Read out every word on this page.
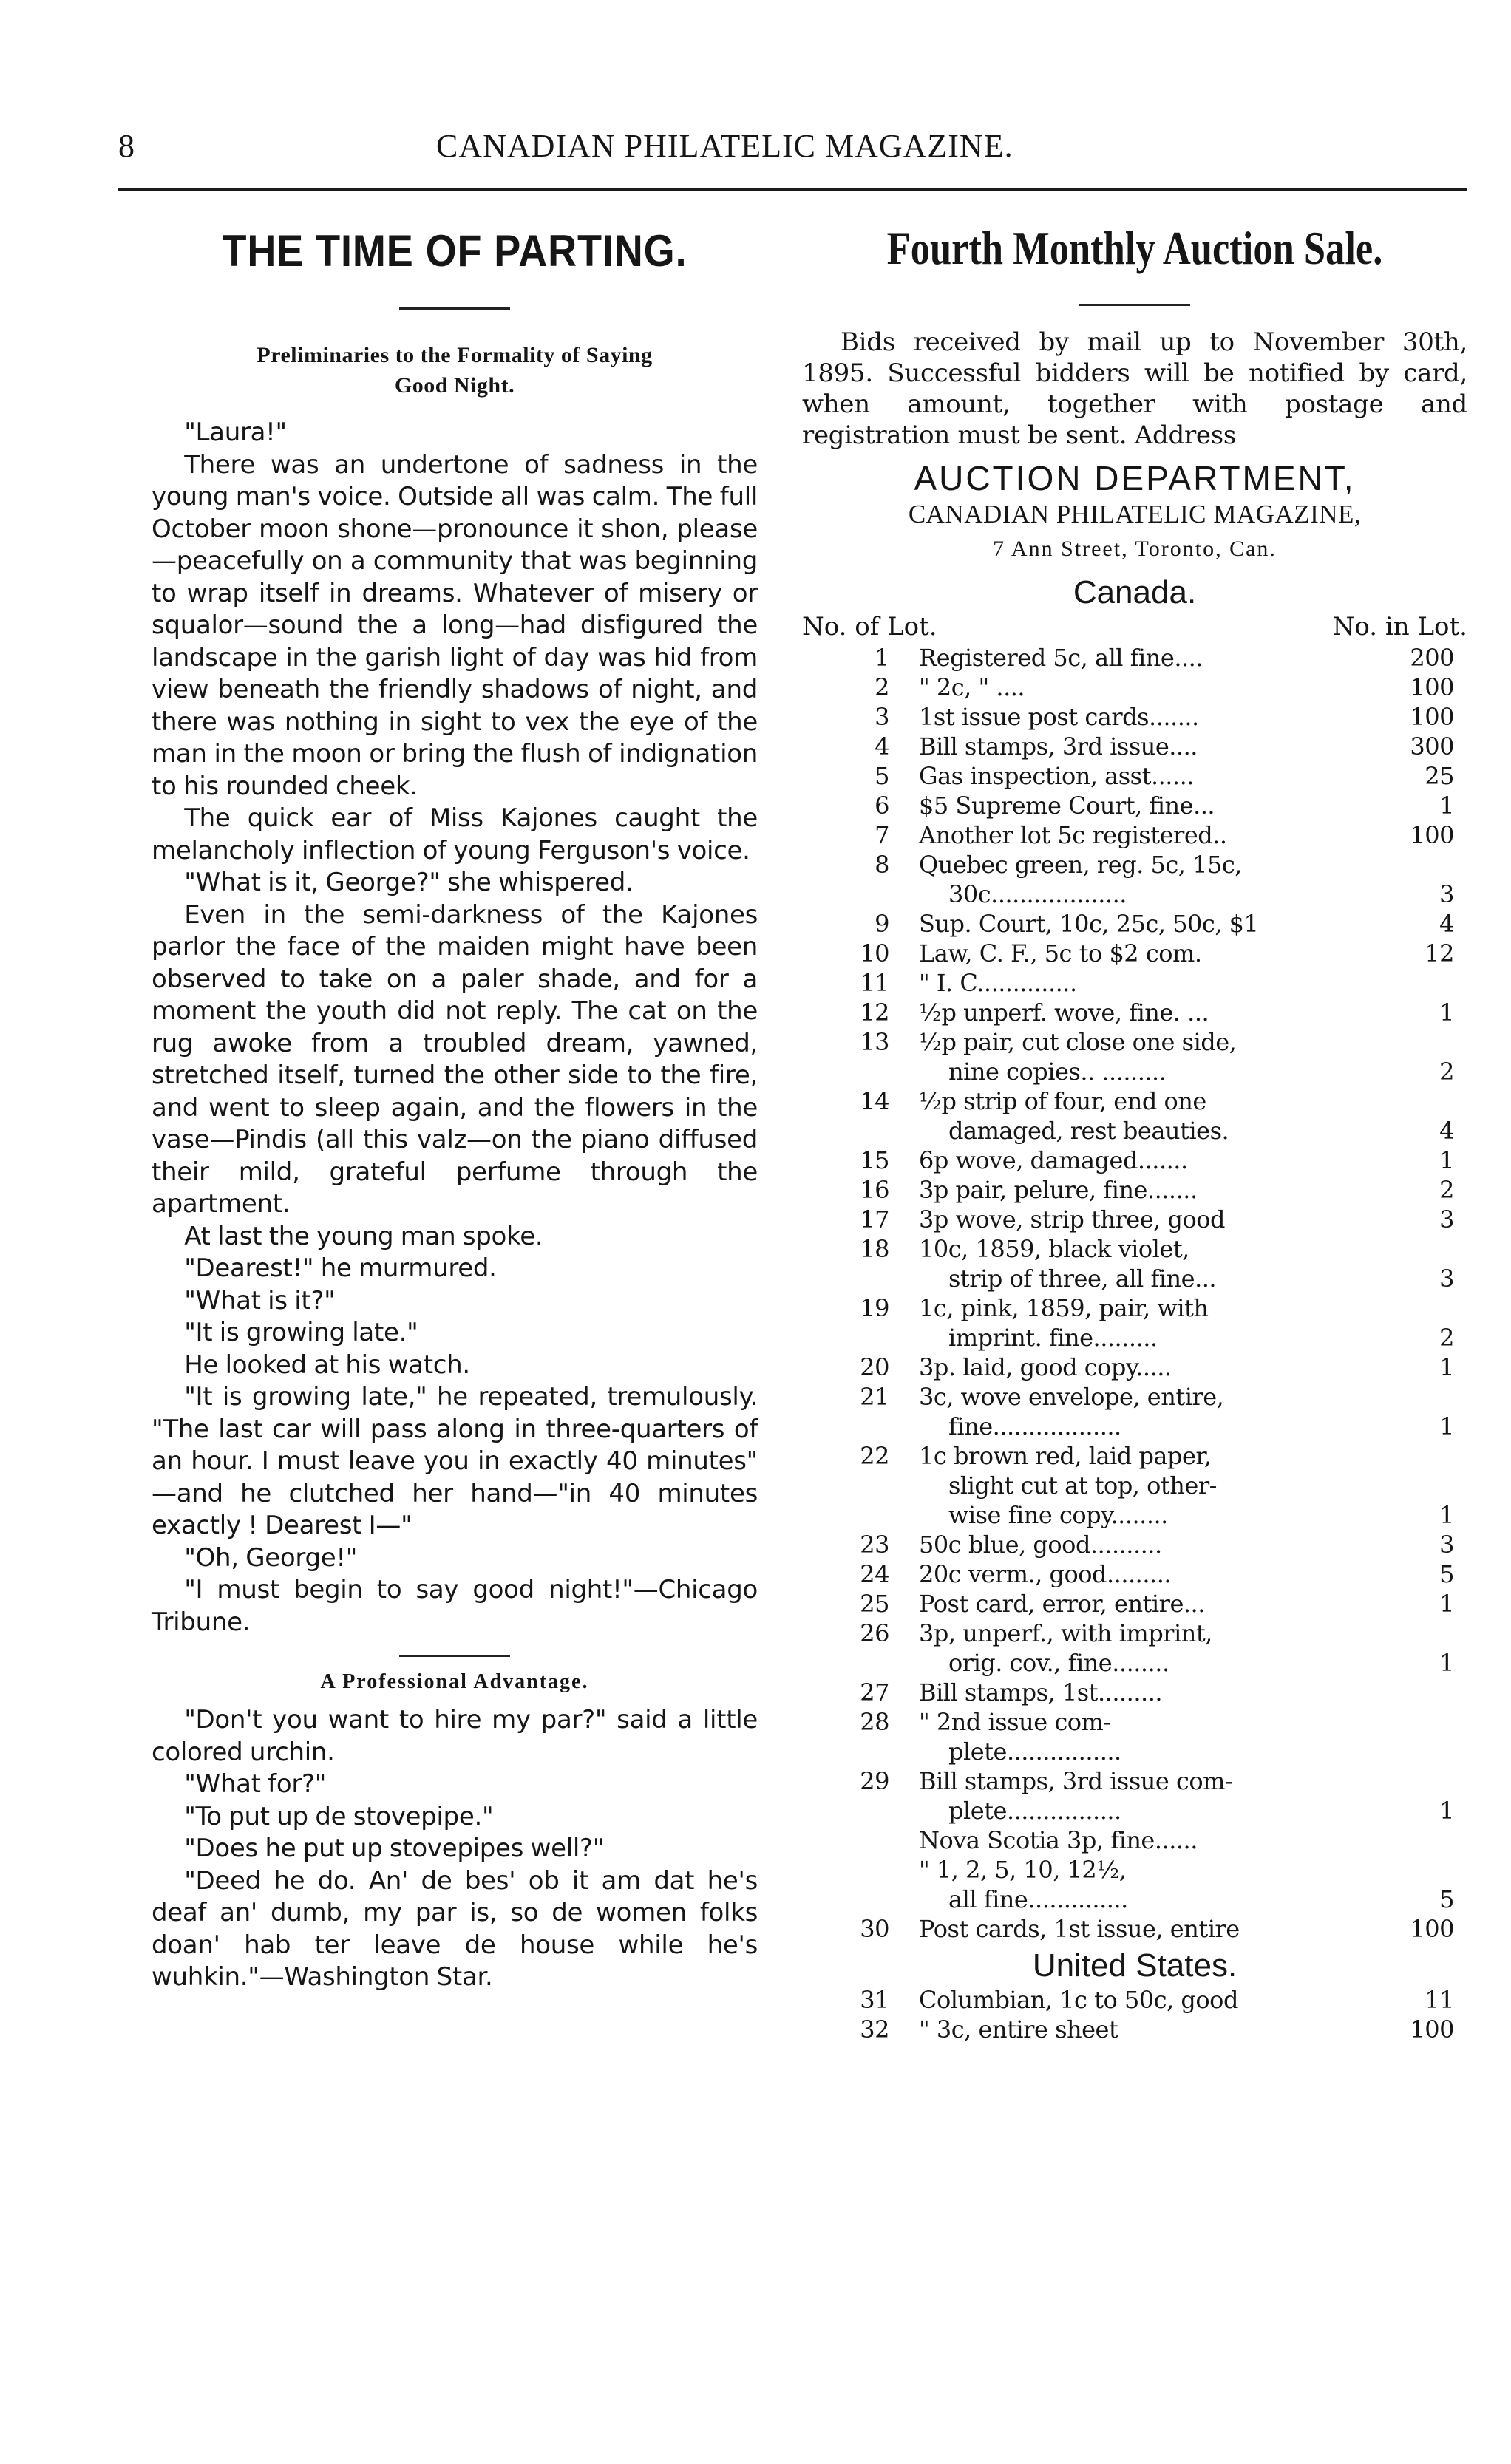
8	CANADIAN PHILATELIC MAGAZINE.
THE TIME OF PARTING.
Preliminaries to the Formality of Saying
Good Night.

"Laura!"

There was an undertone of sadness in the young man's voice. Outside all was calm. The full October moon shone—pronounce it shon, please—peacefully on a community that was beginning to wrap itself in dreams. Whatever of misery or squalor—sound the a long—had disfigured the landscape in the garish light of day was hid from view beneath the friendly shadows of night, and there was nothing in sight to vex the eye of the man in the moon or bring the flush of indignation to his rounded cheek.

The quick ear of Miss Kajones caught the melancholy inflection of young Ferguson's voice.

"What is it, George?" she whispered.

Even in the semi-darkness of the Kajones parlor the face of the maiden might have been observed to take on a paler shade, and for a moment the youth did not reply. The cat on the rug awoke from a troubled dream, yawned, stretched itself, turned the other side to the fire, and went to sleep again, and the flowers in the vase—Pindis (all this valz—on the piano diffused their mild, grateful perfume through the apartment.

At last the young man spoke.

"Dearest!" he murmured.

"What is it?"

"It is growing late."

He looked at his watch.

"It is growing late," he repeated, tremulously. "The last car will pass along in three-quarters of an hour. I must leave you in exactly 40 minutes" —and he clutched her hand—"in 40 minutes exactly ! Dearest I—"

"Oh, George!"

"I must begin to say good night!"—Chicago Tribune.

A Professional Advantage.

"Don't you want to hire my par?" said a little colored urchin.

"What for?"

"To put up de stovepipe."

"Does he put up stovepipes well?"

"Deed he do. An' de bes' ob it am dat he's deaf an' dumb, my par is, so de women folks doan' hab ter leave de house while he's wuhkin."—Washington Star.

Fourth Monthly Auction Sale.
Bids received by mail up to November 30th, 1895. Successful bidders will be notified by card, when amount, together with postage and registration must be sent. Address
AUCTION DEPARTMENT,
CANADIAN PHILATELIC MAGAZINE,
7 Ann Street, Toronto, Can.
Canada.
No. of Lot.	No. in Lot.
1 Registered 5c, all fine....	200
2 " 2c, " ....	100
3 1st issue post cards.......	100
4 Bill stamps, 3rd issue....	300
5 Gas inspection, asst......	25
6 $5 Supreme Court, fine...	1
7 Another lot 5c registered..	100
8 Quebec green, reg. 5c, 15c,

30c...................	3
9 Sup. Court, 10c, 25c, 50c, $1	4
10 Law, C. F., 5c to $2 com.	12
11 " I. C..............
12 ½p unperf. wove, fine. ...	1
13 ½p pair, cut close one side,

nine copies.. .........	2
14 ½p strip of four, end one

damaged, rest beauties.	4
15 6p wove, damaged.......	1
16 3p pair, pelure, fine.......	2
17 3p wove, strip three, good	3
18 10c, 1859, black violet,

strip of three, all fine...	3
19 1c, pink, 1859, pair, with

imprint. fine.........	2
20 3p. laid, good copy.....	1
21 3c, wove envelope, entire,

fine..................	1
22 1c brown red, laid paper,

slight cut at top, other-
wise fine copy........	1
23 50c blue, good..........	3
24 20c verm., good.........	5
25 Post card, error, entire...	1
26 3p, unperf., with imprint,

orig. cov., fine........	1
27 Bill stamps, 1st.........
28 " 2nd issue com-

plete................
29 Bill stamps, 3rd issue com-

plete................	1
Nova Scotia 3p, fine......
" 1, 2, 5, 10, 12½,

all fine..............	5
30 Post cards, 1st issue, entire	100
United States.
31 Columbian, 1c to 50c, good	11
32 " 3c, entire sheet	100
